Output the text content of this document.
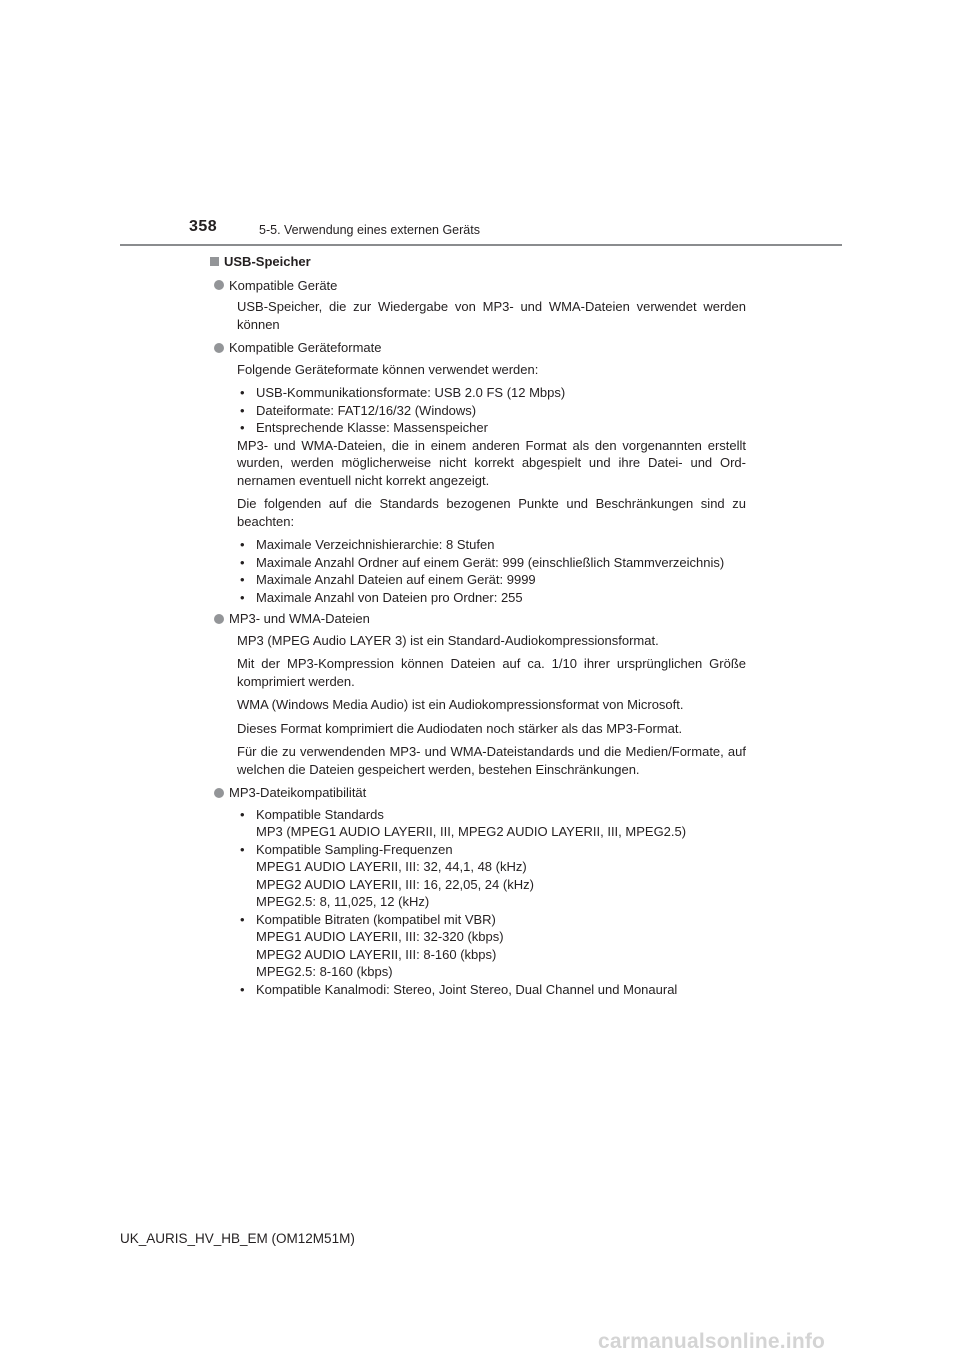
358	5-5. Verwendung eines externen Geräts
USB-Speicher
Kompatible Geräte

USB-Speicher, die zur Wiedergabe von MP3- und WMA-Dateien verwendet werden können

Kompatible Geräteformate

Folgende Geräteformate können verwendet werden:

• USB-Kommunikationsformate: USB 2.0 FS (12 Mbps)
• Dateiformate: FAT12/16/32 (Windows)
• Entsprechende Klasse: Massenspeicher

MP3- und WMA-Dateien, die in einem anderen Format als den vorgenannten erstellt wurden, werden möglicherweise nicht korrekt abgespielt und ihre Datei- und Ord-nernamen eventuell nicht korrekt angezeigt.

Die folgenden auf die Standards bezogenen Punkte und Beschränkungen sind zu beachten:

• Maximale Verzeichnishierarchie: 8 Stufen
• Maximale Anzahl Ordner auf einem Gerät: 999 (einschließlich Stammverzeichnis)
• Maximale Anzahl Dateien auf einem Gerät: 9999
• Maximale Anzahl von Dateien pro Ordner: 255
MP3- und WMA-Dateien

MP3 (MPEG Audio LAYER 3) ist ein Standard-Audiokompressionsformat.

Mit der MP3-Kompression können Dateien auf ca. 1/10 ihrer ursprünglichen Größe komprimiert werden.

WMA (Windows Media Audio) ist ein Audiokompressionsformat von Microsoft.

Dieses Format komprimiert die Audiodaten noch stärker als das MP3-Format.

Für die zu verwendenden MP3- und WMA-Dateistandards und die Medien/Formate, auf welchen die Dateien gespeichert werden, bestehen Einschränkungen.

MP3-Dateikompatibilität
• Kompatible Standards
MP3 (MPEG1 AUDIO LAYERII, III, MPEG2 AUDIO LAYERII, III, MPEG2.5)
• Kompatible Sampling-Frequenzen
MPEG1 AUDIO LAYERII, III: 32, 44,1, 48 (kHz)
MPEG2 AUDIO LAYERII, III: 16, 22,05, 24 (kHz)
MPEG2.5: 8, 11,025, 12 (kHz)
• Kompatible Bitraten (kompatibel mit VBR)
MPEG1 AUDIO LAYERII, III: 32-320 (kbps)
MPEG2 AUDIO LAYERII, III: 8-160 (kbps)
MPEG2.5: 8-160 (kbps)
• Kompatible Kanalmodi: Stereo, Joint Stereo, Dual Channel und Monaural
UK_AURIS_HV_HB_EM (OM12M51M)
carmanualsonline.info
